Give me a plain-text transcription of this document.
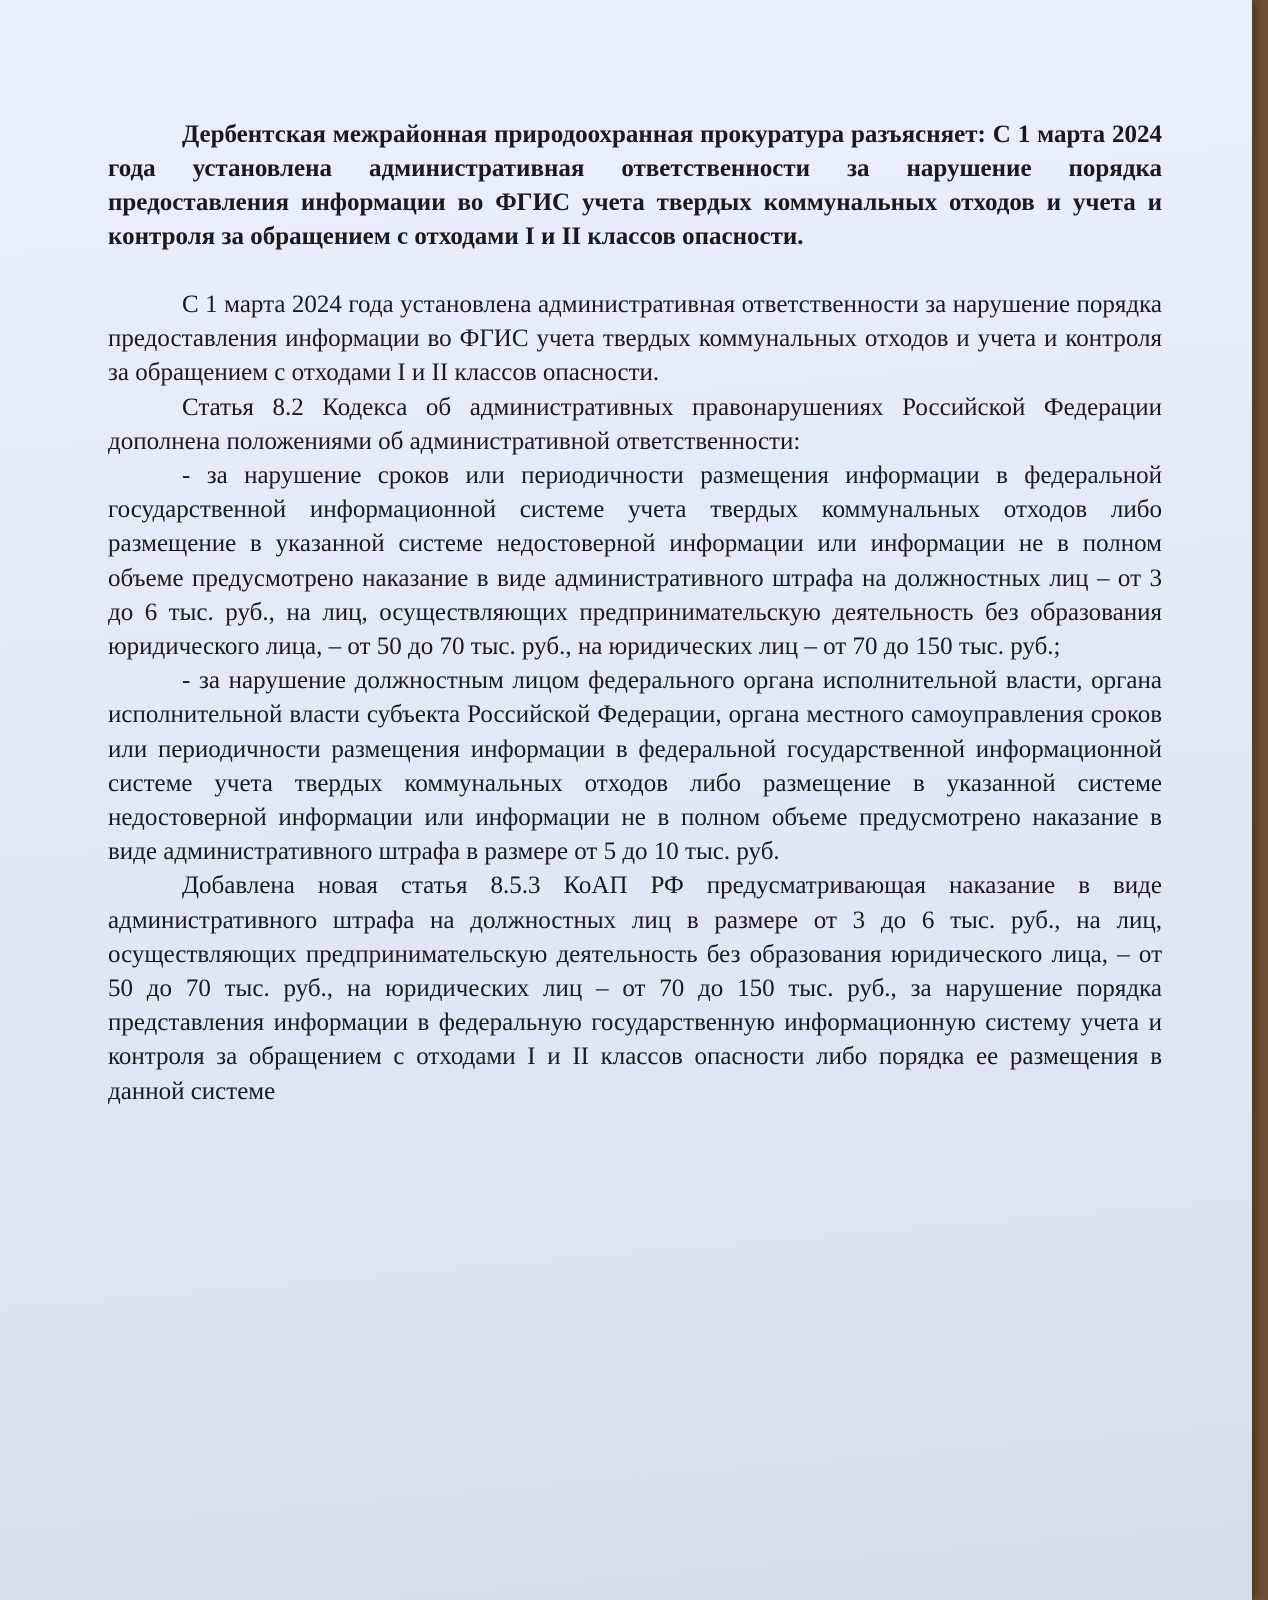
Дербентская межрайонная природоохранная прокуратура разъясняет: С 1 марта 2024 года установлена административная ответственности за нарушение порядка предоставления информации во ФГИС учета твердых коммунальных отходов и учета и контроля за обращением с отходами I и II классов опасности.

С 1 марта 2024 года установлена административная ответственности за нарушение порядка предоставления информации во ФГИС учета твердых коммунальных отходов и учета и контроля за обращением с отходами I и II классов опасности.

Статья 8.2 Кодекса об административных правонарушениях Российской Федерации дополнена положениями об административной ответственности:

- за нарушение сроков или периодичности размещения информации в федеральной государственной информационной системе учета твердых коммунальных отходов либо размещение в указанной системе недостоверной информации или информации не в полном объеме предусмотрено наказание в виде административного штрафа на должностных лиц – от 3 до 6 тыс. руб., на лиц, осуществляющих предпринимательскую деятельность без образования юридического лица, – от 50 до 70 тыс. руб., на юридических лиц – от 70 до 150 тыс. руб.;

- за нарушение должностным лицом федерального органа исполнительной власти, органа исполнительной власти субъекта Российской Федерации, органа местного самоуправления сроков или периодичности размещения информации в федеральной государственной информационной системе учета твердых коммунальных отходов либо размещение в указанной системе недостоверной информации или информации не в полном объеме предусмотрено наказание в виде административного штрафа в размере от 5 до 10 тыс. руб.

Добавлена новая статья 8.5.3 КоАП РФ предусматривающая наказание в виде административного штрафа на должностных лиц в размере от 3 до 6 тыс. руб., на лиц, осуществляющих предпринимательскую деятельность без образования юридического лица, – от 50 до 70 тыс. руб., на юридических лиц – от 70 до 150 тыс. руб., за нарушение порядка представления информации в федеральную государственную информационную систему учета и контроля за обращением с отходами I и II классов опасности либо порядка ее размещения в данной системе
